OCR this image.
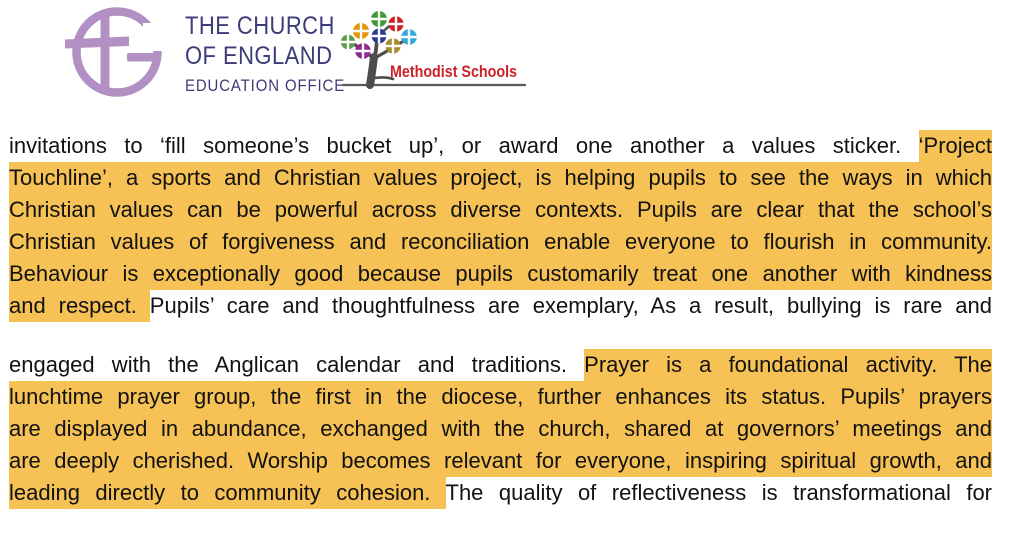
THE CHURCH
OF ENGLAND
EDUCATION OFFICE
Methodist Schools
invitations to ‘fill someone’s bucket up’, or award one another a values sticker. ‘Project
Touchline’, a sports and Christian values project, is helping pupils to see the ways in which
Christian values can be powerful across diverse contexts. Pupils are clear that the school’s
Christian values of forgiveness and reconciliation enable everyone to flourish in community.
Behaviour is exceptionally good because pupils customarily treat one another with kindness
and respect. Pupils’ care and thoughtfulness are exemplary, As a result, bullying is rare and
engaged with the Anglican calendar and traditions. Prayer is a foundational activity. The
lunchtime prayer group, the first in the diocese, further enhances its status. Pupils’ prayers
are displayed in abundance, exchanged with the church, shared at governors’ meetings and
are deeply cherished. Worship becomes relevant for everyone, inspiring spiritual growth, and
leading directly to community cohesion. The quality of reflectiveness is transformational for
